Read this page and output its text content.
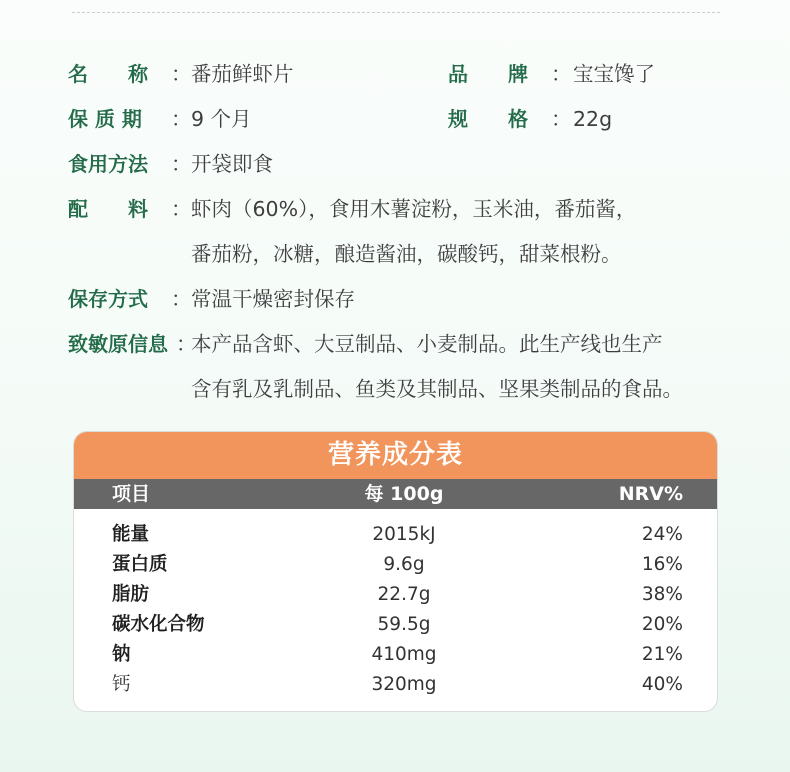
名　　称 ： 番茄鲜虾片	品　　牌 ： 宝宝馋了
保 质 期 ： 9 个月	规　　格 ： 22g
食用方法 ： 开袋即食
配　　料 ： 虾肉（60%），食用木薯淀粉，玉米油，番茄酱，
番茄粉，冰糖，酿造酱油，碳酸钙，甜菜根粉。
保存方式 ： 常温干燥密封保存
致敏原信息 ：
本产品含虾、大豆制品、小麦制品。此生产线也生产
含有乳及乳制品、鱼类及其制品、坚果类制品的食品。
营养成分表
项目	每 100g	NRV%
能量	2015kJ	24%
蛋白质	9.6g	16%
脂肪	22.7g	38%
碳水化合物	59.5g	20%
钠	410mg	21%
钙	320mg	40%
